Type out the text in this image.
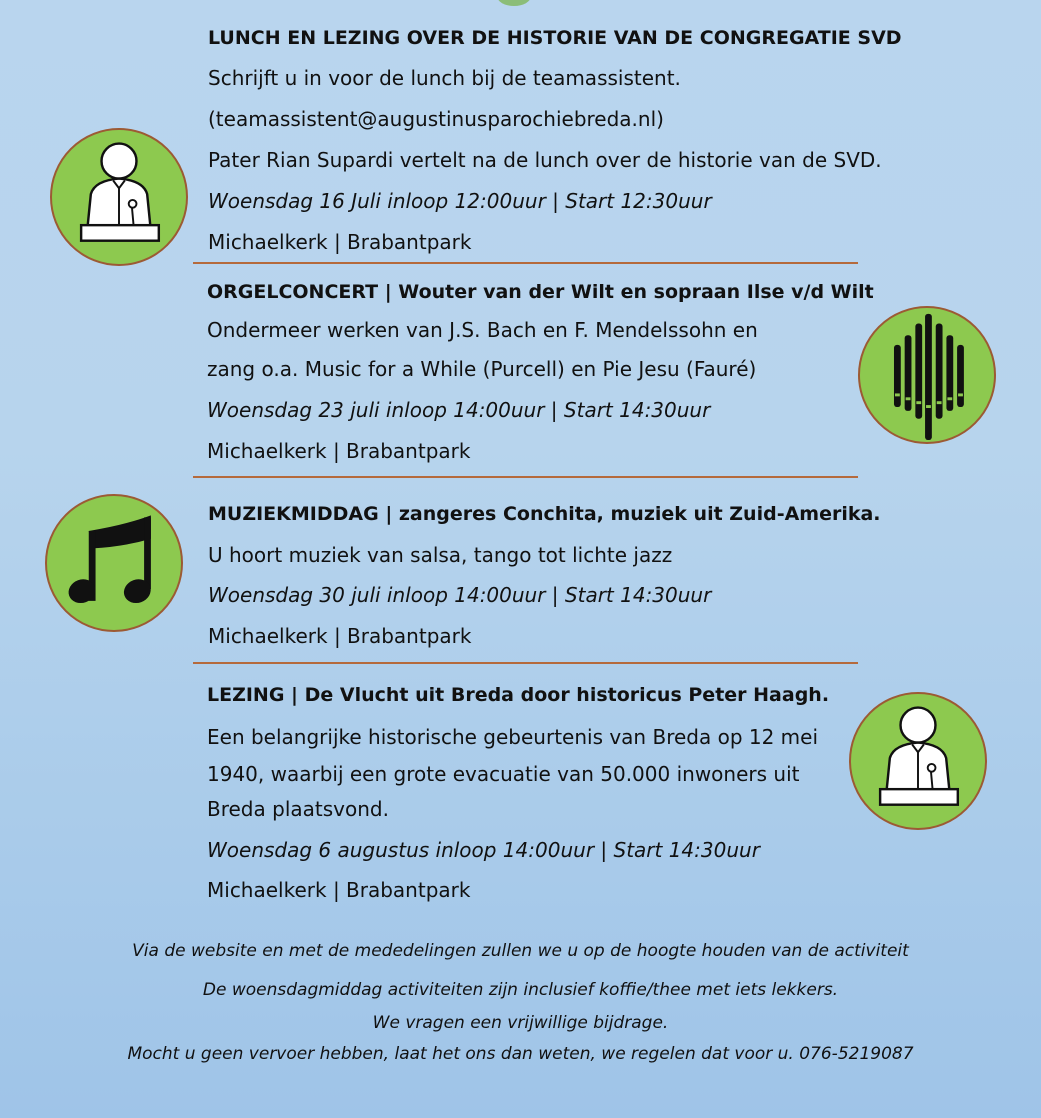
LUNCH EN LEZING OVER DE HISTORIE VAN DE CONGREGATIE SVD
Schrijft u in voor de lunch bij de teamassistent.
(teamassistent@augustinusparochiebreda.nl)
Pater Rian Supardi vertelt na de lunch over de historie van de SVD.
Woensdag 16 Juli inloop 12:00uur | Start 12:30uur
Michaelkerk | Brabantpark
ORGELCONCERT | Wouter van der Wilt en sopraan Ilse v/d Wilt
Ondermeer werken van J.S. Bach en F. Mendelssohn en
zang o.a. Music for a While (Purcell) en Pie Jesu (Fauré)
Woensdag 23 juli inloop 14:00uur | Start 14:30uur
Michaelkerk | Brabantpark
MUZIEKMIDDAG | zangeres Conchita, muziek uit Zuid-Amerika.
U hoort muziek van salsa, tango tot lichte jazz
Woensdag 30 juli inloop 14:00uur | Start 14:30uur
Michaelkerk | Brabantpark
LEZING | De Vlucht uit Breda door historicus Peter Haagh.
Een belangrijke historische gebeurtenis van Breda op 12 mei
1940, waarbij een grote evacuatie van 50.000 inwoners uit
Breda plaatsvond.
Woensdag 6 augustus inloop 14:00uur | Start 14:30uur
Michaelkerk | Brabantpark
Via de website en met de mededelingen zullen we u op de hoogte houden van de activiteit
De woensdagmiddag activiteiten zijn inclusief koffie/thee met iets lekkers.
We vragen een vrijwillige bijdrage.
Mocht u geen vervoer hebben, laat het ons dan weten, we regelen dat voor u. 076-5219087
